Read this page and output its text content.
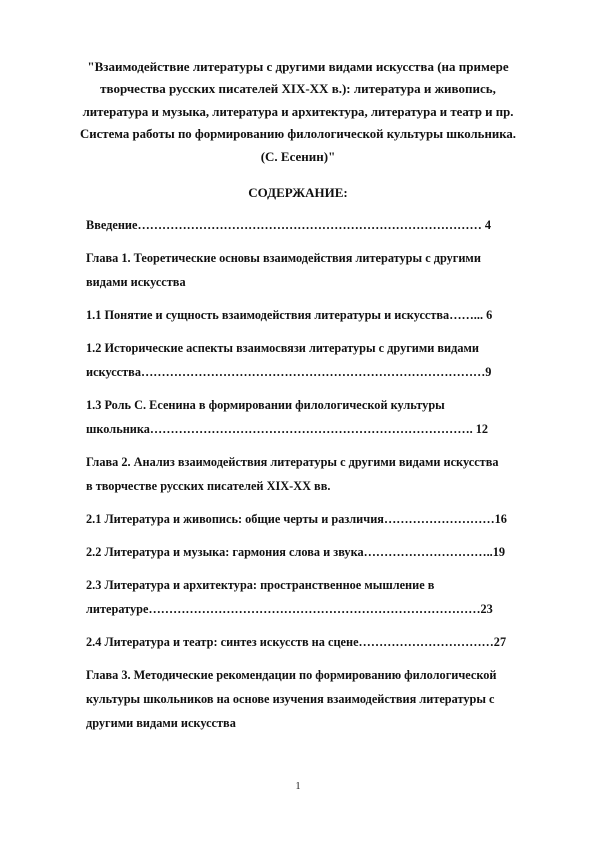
"Взаимодействие литературы с другими видами искусства (на примере
творчества русских писателей XIX-XX в.): литература и живопись,
литература и музыка, литература и архитектура, литература и театр и пр.
Система работы по формированию филологической культуры школьника.
(С. Есенин)"
СОДЕРЖАНИЕ:
Введение………………………………………………………………………… 4
Глава 1. Теоретические основы взаимодействия литературы с другими
видами искусства
1.1 Понятие и сущность взаимодействия литературы и искусства……... 6
1.2 Исторические аспекты взаимосвязи литературы с другими видами
искусства…………………………………………………………………………9
1.3 Роль С. Есенина в формировании филологической культуры
школьника……………………………………………………………………. 12
Глава 2. Анализ взаимодействия литературы с другими видами искусства
в творчестве русских писателей XIX-XX вв.
2.1 Литература и живопись: общие черты и различия………………………16
2.2 Литература и музыка: гармония слова и звука…………………………..19
2.3 Литература и архитектура: пространственное мышление в
литературе………………………………………………………………………23
2.4 Литература и театр: синтез искусств на сцене……………………………27
Глава 3. Методические рекомендации по формированию филологической
культуры школьников на основе изучения взаимодействия литературы с
другими видами искусства
1
